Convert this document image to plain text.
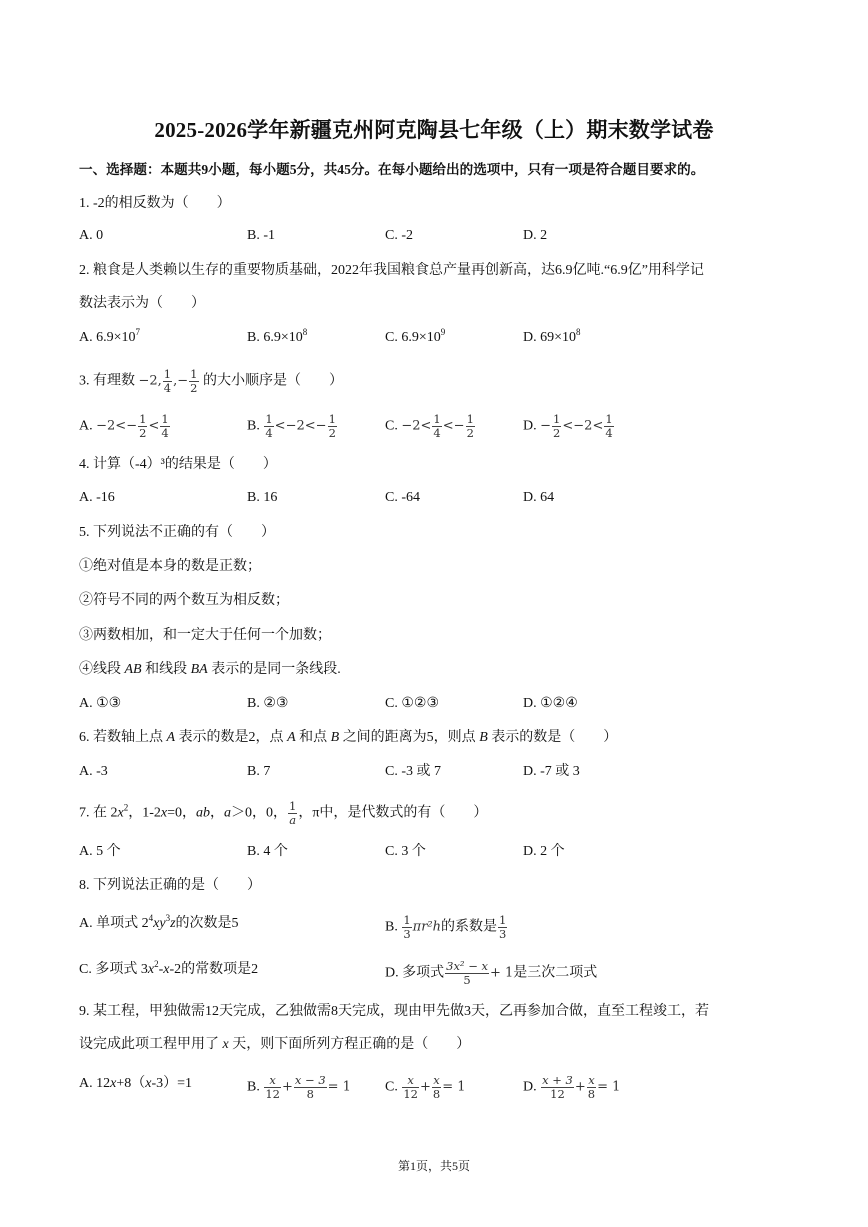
2025-2026学年新疆克州阿克陶县七年级（上）期末数学试卷
一、选择题：本题共9小题，每小题5分，共45分。在每小题给出的选项中，只有一项是符合题目要求的。
1. -2的相反数为（　　）
A. 0	B. -1	C. -2	D. 2
2. 粮食是人类赖以生存的重要物质基础，2022年我国粮食总产量再创新高，达6.9亿吨.“6.9亿”用科学记
数法表示为（　　）
A. $6.9\times 10^7$	B. $6.9\times 10^8$	C. $6.9\times 10^9$	D. $69\times 10^8$
3. 有理数 −2, $\frac{1}{4}$ ,− $\frac{1}{2}$ 的大小顺序是（　　）
A. $-2<- \frac{1}{2} < \frac{1}{4}$	B. $\frac{1}{4} <-2<- \frac{1}{2}$	C. $-2< \frac{1}{4} <- \frac{1}{2}$	D. − $\frac{1}{2} <-2< \frac{1}{4}$
4. 计算（-4）³的结果是（　　）
A. -16	B. 16	C. -64	D. 64
5. 下列说法不正确的有（　　）
①绝对值是本身的数是正数；
②符号不同的两个数互为相反数；
③两数相加，和一定大于任何一个加数；
④线段 AB 和线段 BA 表示的是同一条线段.
A. ①③	B. ②③	C. ①②③	D. ①②④
6. 若数轴上点 A 表示的数是2，点 A 和点 B 之间的距离为5，则点 B 表示的数是（　　）
A. -3	B. 7	C. -3 或 7	D. -7 或 3
7. 在 $2x^2$，1-2x=0，ab，a＞0，0， $\frac{1}{a}$ ，π中，是代数式的有（　　）
A. 5 个	B. 4 个	C. 3 个	D. 2 个
8. 下列说法正确的是（　　）
A. 单项式 $2^4xy^3z$的次数是5	B. $\frac{1}{3} \pi r^2h$的系数是 $\frac{1}{3}$
C. 多项式 $3x^2-x-2$的常数项是2	D. 多项式 $\frac{\text{3x² − x}}{5} + 1$是三次二项式
9. 某工程，甲独做需12天完成，乙独做需8天完成，现由甲先做3天，乙再参加合做，直至工程竣工，若
设完成此项工程甲用了 x 天，则下面所列方程正确的是（　　）
A. 12x+8（x-3）=1	B. $\frac{x}{12} + \frac{x - 3}{8} = 1$ C. $\frac{x}{12} + \frac{x}{8} = 1$	D. $\frac{x + 3}{12} + \frac{x}{8} = 1$
第1页，共5页
